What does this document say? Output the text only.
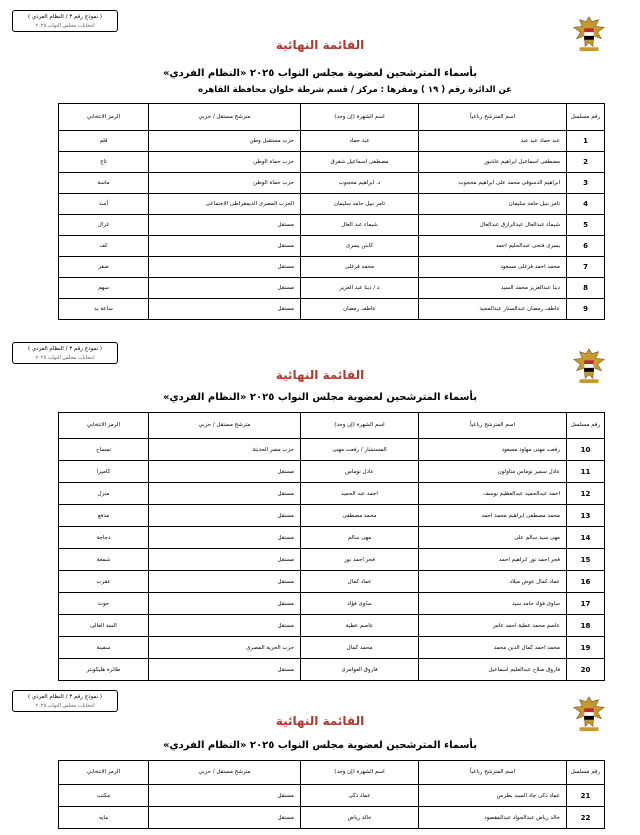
( نموذج رقم ٣ / النظام الفردي )
انتخابات مجلس النواب ٢٠٢٥
القائمة النهائية
بأسماء المترشحين لعضوية مجلس النواب ٢٠٢٥ «النظام الفردي»
عن الدائرة رقم ( ١٩ ) ومقرها : مركز / قسم شرطة حلوان محافظة القاهره
رقم مسلسل	اسم المترشح رباعياً	اسم الشهرة (إن وجد)	مترشح مستقل / حزبي	الرمز الانتخابي
1	عبد حماد عبد عبد	عبد حماد	حزب مستقبل وطن	قلم
2	مصطفى اسماعيل ابراهيم عاشور	مصطفى اسماعيل شقرق	حزب حماة الوطن	تاج
3	ابراهيم الدسوقى محمد على ابراهيم محجوب	د. ابراهيم محجوب	حزب حماة الوطن	ماسة
4	تامر نبيل حامد سليمان	تامر نبيل حامد سليمان	الحزب المصرى الديمقراطى الاجتماعى	أسد
5	شيماء عبدالعال عبدالرازق عبدالعال	شيماء عبد العال	مستقل	غزال
6	يسرى فتحى عبدالحليم احمد	كابتن يسرى	مستقل	كف
7	محمد احمد فرغلى مسعود	محمد فرغلى	مستقل	صقر
8	دينا عبدالعزيز محمد السيد	د / دينا عبد العزيز	مستقل	سهم
9	عاطف رمضان عبدالستار عبدالمجيد	عاطف رمضان	مستقل	ساعة يد
( نموذج رقم ٣ / النظام الفردي )
انتخابات مجلس النواب ٢٠٢٥
القائمة النهائية
بأسماء المترشحين لعضوية مجلس النواب ٢٠٢٥ «النظام الفردي»
رقم مسلسل	اسم المترشح رباعياً	اسم الشهرة (إن وجد)	مترشح مستقل / حزبي	الرمز الانتخابي
10	رفعت مهنى مهاود مسعود	المستشار / رفعت مهنى	حزب مصر الحديثة	تمساح
11	عادل سمير توماس متاولون	عادل توماس	مستقل	كاميرا
12	احمد عبدالحميد عبدالعظيم يوسف	احمد عبد الحميد	مستقل	منزل
13	محمد مصطفى ابراهيم محمد احمد	محمد مصطفى	مستقل	مدفع
14	مهى سيد سالم على	مهى سالم	مستقل	دجاجة
15	فجر احمد نور ابراهيم احمد	فجر احمد نور	مستقل	شمعة
16	عماد كمال عوض ميلاد	عماد كمال	مستقل	عقرب
17	ساوى فؤاد حامد سيد	ساوى فؤاد	مستقل	حوت
18	عاصم محمد عطية احمد عامر	عاصم عطية	مستقل	السد العالى
19	محمد احمد كمال الدين محمد	محمد كمال	حزب الحرية المصرى	سفينة
20	فاروق صلاح عبدالعليم اسماعيل	فاروق العوامرى	مستقل	طائرة هليكوبتر
( نموذج رقم ٣ / النظام الفردي )
انتخابات مجلس النواب ٢٠٢٥
القائمة النهائية
بأسماء المترشحين لعضوية مجلس النواب ٢٠٢٥ «النظام الفردي»
رقم مسلسل	اسم المترشح رباعياً	اسم الشهرة (إن وجد)	مترشح مستقل / حزبي	الرمز الانتخابي
21	عماد ذكى جاد السيد بطرس	عماد ذكى	مستقل	مكتب
22	خالد رياض عبدالجواد عبدالمقصود	خالد رياض	مستقل	مايه
